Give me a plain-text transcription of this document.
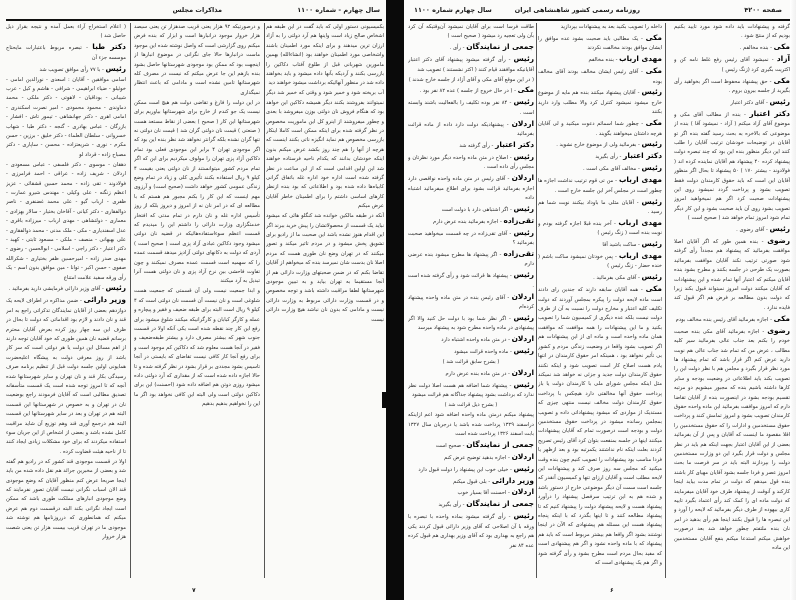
سال چهارم - شماره ۱۱۰۰
مذاکرات مجلس

بکمیسیونی دستور اولی که باید گفت در این طبقه هم اشخاص صالح زیاد است واینها هم آرد دولتی را به آزاد ارزان ترین میدهند و برای اینکه مورد اطمینان باشند واشخاصی مورد اطمینان خواهند بود (انشاءالله) بهمین مامورین شهربانی قبل از طلوع آفتاب دکاکین را بازرسی بکنند و آردیکه بآنها داده میشود و باید بخواهند داده شد در منظور آنهائیکه برداشت میشود خواهند دید

آب بریخته شود و خمیر شود و وقتی که خمیر شد دیگر نمیتوانند بفروشند بکنند دیگر همیشه دکاکین این خواهد بود که هنگام فروش نان دولتی بوزن میفروشد با بعدی و چطور میفروشند از اینرو کل این ماموریت مخصوص در نظر گرفته شده برای اینکه ممکن است کاملا اینکار بازرسی مخصوص هم نماید انگیزه ناتی بکنند اینست که هرچه از آنها را هم چند روز بکشد عرض میکنم بدون اینکه خودشان بدانند که یکدام ناحیه فرستاده خواهند شد این اولین اقدامی است که از این ساعت در نظر گرفته شده است اداره خود اداره غله باتفاق گرانی کابیاه‌ها داده شده بود و اطلاعاتی که بود بنده ازنظر کارهای اساسی داشتم را برای اطمینان خاطر آقایان عرض میکنم

آنکه در طبقه مالکین خوانده شد کنگلو هائی که میشود نباید یک قسمت از محصولاتشان را پیش خرید ببرند اگر این اقدام هنوز نشده باشد این صحبت ما از رادیو برای تشویق پخش میشود و در مردم تاثیر میکند و تصور میکنند که در تهران وضع نان طوری هست که مردم اصلا نان بدست شان نمیرسد بنده که میخواهم از آقایان تقاضا بکنم که در ضمن صحبتهای وزارت دارائی هم از آنجا مستقیما به تهران بیاید و به تبیین موجودی شهرستانها لطفا مراقبت داشته باشد و توجه مخصوص و در قسمت وزارت دارائی مربوط به وزارت دارائی نیست و مادامی که بدون نان نباشد هیچ وزارت دارائی نیست

و درصورتیکه ۹۲ هزار یعنی قریب صدهزار تن یعنی سیصد هزار خروار موجود درانبارها است و ابزار که بنده فرض میکنم روی گزارشی است که واصل نوشته شده این موجود ماست درانبارها حالا جای نگرانی در موضوع انبارها از اینجهت بود که ممکن بود موجودی شهرستانها حاصل بشود بنده بازهم این جا عرض میکنم که نیست در مصرف کله شهرستانها تامین نشده است و مادامی که باعث انتظار نمیگذاری

در این دولت را فارغ و تقاضی دولت هم هیچ است ممکن نیست یک جو کندم از خارج برای شهرستانها بیاوریم برای شهرستانها این کار ( صحیح ) بعضی از نقاط مستعد هست ( صنعتی ) قیمت نان دولتی گران شد ) قیمت نان دولتی نه تنها گران نشده بلکه گرانتر نخواهد شد نظر بنده این بود که اگر موجودی تهران ۴ برابر این موجودی فعلی بود تمام دکاکین آزاد پزی تهران را مولوف میکردیم برای این که اگر تمام مردم کشور میتوانستند از نان دولتی یعنی بقیمت ۴ کیلو ۹ ریال استفاده بکنند تأثیری کلی و زیاد در تمام وضع زندگی عمومی کشور خواهد داشت (صحیح است) و آرزوی مهم اینست که این کار را بکنم مجبور هم هستم که با مطالعه ای که در امر نان نه از امروز و دیروز بلکه از روز تأسیس اداره غله و نان دارم در تمام مدتی که افتخار خدمتگزاری وزارت دارائی را داشتم این را میدیدم که قسمت اعظم سوءاستفاده‌هائیکه در قضیه نان دولتی میشود وجود دکاکین عبادی آزاد پزی است ( صحیح است ) آردی که دولت به دکانهای دولتی آزادپز میدهد قسمت عمده را که سهمیه است قسمت عمده مصرف نمیکنند و چون تفاوت فاحشی بین نرخ آزاد پزی و نان دولتی هست آنرا تبدیل به آرد میکنند

و ابدا جمعیت نیست ولی آن قسمتی که جمعیت هست شلوغی است و نان نیست آن قسمت نان دولتی است که ۴ کیلو ۹ ریال است البته برای طبقه ضعیف و فقیر و پیچاره و عمله و کارگر کبابان و کارگرانیکه میکنند شلوغ میشود برای رفع این کار چند نقطه شده است یکی آنکه اولا در قسمت جنوب شهر که بیشتر مصرف دارد و بیشتر طبقه‌ضعیف و فقیر در آنجا هست معلوم شد که دکاکین کم موجود است و برای رفع آنجا کار کافی نیست تقاضای که بایستی در آنجا تاسیس بشود مجددی بر قرار بشود در نظر گرفته شده و تا حالا اجازه داده شده است که از مقداری که آرد دولتی داده میشود روزی دوتن هم اضافه داده شود (احسنت) این برای دکاکین دولتی است ولی البته این کافی نخواهد بود اگر ما این را نخواهیم بدهیم بدهیم

( اعلام استخراج آراء بعمل آمده و نتیجه بقرار ذیل حاصل شد )

دکتر طبا - تبصره مربوط باعتبارات مایحتاج موسسه جزء آن

رئیس - با ۷۷ رأی موافق تصویب شد

اسامی موافقین - آقایان : اسعدی - نورالدین امامی - خوئیلو - ضیاء ابراهیمی - شرافی - هاشم و کیل - عرب شیبانی - بوداقیان - لاهوتی - دکتر ملکی - محمد دماوندی - محمود محمودی - امیر نصرت اسکندری - امامی اهری - دکتر جهانشاهی - تیمور تاش - افشار - بازرگان - عباس بهادری - گنجه - دکتر طبا - شهاب خسروانی - سلطان العلماء - دکتر خلیق - برزین - حسن مکرم - نوری - شریعتزاده - محسن - ساپاری - دکتر مصباح زاده - قرداد لو

دهقان - موسوی - دکتر فلسفی - عباس مسعودی - اردلان - شریف زاده - عراقی - احمد فرامرزی - فولادوند - تقی زاده - محمد حسین قشقائی - عزیز اعظم زنگنه - علی وکیلی - مهندس شیرو عمارت - ظفری - ارباب گیو - علی محمد غضنفری - ناصر ذوالفقاری - دکتر کیانی - آقاخان بختیار - سالار بهزادی - معماری - دولتشاهی - مهدی ارباب - میرزاده باقری - عدل اسفندیاری - مکی - ملک مدنی - محمد ذوالفقاری - علی بهبهانی - منصف - ملکی - مسعود ثابتی - کهبد - دکتر اعتبار - دکتر راجی - اسلامی - ابوالحسن - رضوی - مهدی صدر زاده - امیرحسین ظفر بختیاری - شکرالله صفوی - حسن اکبر - توانا - مین موافق بدون اسم - یک رأی ورقه سفید علامت امتناع

رئیس - آقای وزیر دارائی فرمایشی دارید بفرمائید .

وزیر دارائی - ضمن مذاکره در اطراف لایحه یک دوازدهم بعضی از آقایان نمایندگان تذکراتی راجع به امر قند و نان دادند و لازم بود اقداماتی که دولت تا بحال در ظرف این سه چهار روز کرده بعرض آقایان محترم برسانم قضیه نان همین طوری که خود آقایان توجه دارند از اهم مسائل این دولت یا هر دولتی است که سر کار باشد از روز معرفی دولت به پیشگاه اعلیحضرت همایونی اولین جلسه دولت قبل از تنظیم برنامه صرف رسیدگی بکار قند و نان تهران و سایر شهرستانها شده آنچه که تا امروز توجه شده است یک قسمت متأسفانه تصدیق مطالبی است که آقایان فرمودند راجع بوضعیت نان در تهران و به خصوص در شهرستانها این قسمت البته هم در تهران و بعد در سایر شهرستانها این قسمت البته هم درجمع آوری قند وهم توزیع آن شاید مراقبت کامل نشده باشد و بعضی از اشخاص از این جریان سوء استفاده میکردند که برای خود مشکلات زیادی ایجاد کنند تا از ناحیه هیئت قضاوت کرده .

اولا در قسمت موجودی قند کشور که در رادیو هم گفته شد و بعضی از مخبرین جرائد هم نقل داده شده من باید اینجا صریحا عرض کنم منظور آقایان که وضع موجودی قند الان اسباب نگرانی نیست آقایان تصور نفرمایند که وضع موجودی انبارهای مملکت طوری باشد که ممکن است ایجاد نگرانی بکند البته درقسمت دوم هم عرض میکنم که همانطوری که درروزنامها هم نوشته شد موجودی ما در تهران قریب بیست هزار تن یعنی شصت هزار خروار

۷
صفحه ۴۲۰۰
روزنامه رسمی کشور شاهنشاهی ایران
سال چهارم شماره ۱۱۰۰

گرفته و پیشنهادات باید داده شود مورد تایید بکنیم بودیم که از منتج شود .

مکی - بنده مخالفم .

آزاد - نمیشود آقای رئیس رفع غلط نامه کن و اکثریت بگیری کرد (زنگ رئیس )

مکی - حق پیشنهاد محفوظ است اگر بخواهید رأی بگیرید از جلسه بیرون بروم .

رئیس - آقای دکتر اعتبار

دکتر اعتبار - بنده از مطالب آقای مکی و موضوع آقای آزاد میکنم ( آزاد - نمیشود آقا ) بنده از موضوعی که بالاخره به بحث رسید گفته بنده اگر تو آقایان در توضیحات خودشان ترتیب آقایان را طلب کنند این دیگر منظور بنده این بود که چند تبصره دولت پیشنهاد کرده ۴۰ پیشنهاد هم آقایان نماینده کرده اند ( فولادوند - بیشتر ۱۷۰ ) ۵۰ پیشنهاد تا بحال اگر منظور آقایان این است که باید حقوق کارمندان دولت فقط تصویب بشود و پرداخت گردد نمیشود روی این پیشنهادات صحبت کرد اگر هم نمیخواهید امروز تصویب بشود روی آن باید صحبت بشود و این کار دیگر تمام شود امروز تمام خواهد شد ( صحیح است )

رئیس - آقای رضوی .

رضوی - بنده همین طور که اگر آقایان اصلا موافقت بفرمائید که پیشنهاد هم مجدداً رأی گرفته شود صورتی ترتیب نکند آقایان موافقت بفرمائید بصورت یک طرحی در جلسه بکنند و مطرح بشود بنده آقایان میکنم که اعتبار آنها تمام شده و این پیشنهادات که آقایان میکنند دولت امروز نمیتواند قبول بکند زیرا که دولت بدون مطالعه بر فرض هم اگر قبول کند فایده ندارد .

مکی - اجازه بفرمائید آقای رئیس بنده مخالف بودم

رضوی - اجازه بفرمائید آقای مکی بنده صحبت خودم را بکنم بعد جناب عالی بفرمائید سیر کلیه مطالب ، عرض من که تمام شد جناب عالی هم نوبت دارید عرض کنم اگر قرار باشد که تمام پیشنهاد ها مورد نظر قرار بگیرد و مجلس هم با نظر دولت این را تصویب بکند باید اطلاعاتی در وضعیت بودجه و سایر کارها داشته باشیم بنده که مجبور میشویم دو مرتبه تقسیم بودجه بشود در اینصورت بنده از آقایان تقاضا دارم که امروز موافقت بفرمائید این ماده واحده حقوق کارمندان تصویب بشود و امروز تمامش کنند و پرداخت حقوق مستخدمین و ادارات را که حقوق مستخدمین را اقلا مقصود ما اینست که آقایان و پس از آن بفرمائید بعضی از این آقایان اعتبار بجهت اینکه هم باید در نظر مجلس و دولت قرار بگیرد این دو وزارت مستخدمین دولت را بپردازند البته باید در سر فرصت ما بحث امروز عصر و فردا جلسه بشود آقایان مهیای کار باشند بنده قول میدهم که دولت در تمام مدت بیاید اینجا کارکند و آنوقت از پیشنهاد طرف خود آقایان میفرمایند که دولت ماده ای را کمک کند رأی اعتماد بگیرد تاییه کاری بیهوده از طرف دیگر بفرمائید که لایحه را آورد و این تبصره ها را قبول بکنند اینجا هم رأی بدهید در امر نان بنده ملتفتم چطور خواهد شد بعد درصورت خواهش میکنم استدعا میکنم بنفع آقایان مستخدمین این ماده

داخله را تصویب بکنید بعد به پیشنهادات بپردازید

مکی - یک مطالبی باید صحبت بشود عده موافق را ایشان موافق بودند مخالفت نکردند

مهدی ارباب - بنده مخالفم

مکی - آقای رئیس ایشان مخالف بودند آقای مخالف بوده

رئیس - آقایان پیشنهاد میکنند بنده هم مایه از موضوع خارج میشود نمیشود کنترل کرد والا مطلب وارد دارید بکنند

مکی - چطور شما اسمائم دعوت میکنید و لی آقایان هرچه داشتان میخواهند بگویند .

رئیس - بفرمائید ولی از موضوع خارج نشوید .

دکتر اعتبار - رأی بگیرید

رئیس - مخالف آقای مکی است .

مهدی ارباب - من تی قوم ترتیب نداشت اجازه ها چطور است در مجلس آخر این جلسه خارج است .

رئیس - آقایان مثلی ما باوداد بیکنند نوبت شما هم رسید .

مهدی ارباب - آخر بنده قبلا اجازه گرفته بودم و نوبت بنده است ( زنگ رئیس )

رئیس - ساکت باشید آقا

مهدی ارباب - پس خودتان نمیشود ساکت باشم ( خنده حضار - زنگ رئیس )

رئیس - آقای مکی بفرمائید .

مکی - همه آقایان سابقه دارند که جندین رای دادند است ماده لایحه دولت را پیکره بمجلس آوردند که دولت تکلیف کلیه اعتبار و مخارج دولت را نسبت به آن از طرف دولت نیست بلکه عده دیگری از کمیسیون شما را تصویب بکنید و ما این پیشنهادات را همه موافقت که موافقت همان ماده واحده است و ماده ای از این پیشنهادات هم اگر تصویب بشود واقعا در وضعیت زندگی مردم و کشور بی تأثیر نخواهد بود ، همینکه امر حقوق کارمندان در انتها یادم هست اصلاح کار است تصویب شود و اینکه نکنند حقوق کارمندان دولت جدید و جزئی نه خواهد شد نمیکند مثل اینکه مجلس شورای ملی با کارمندان دولت یا باز پرداخت حقوق آنها مخالفتی دارد هیچکس با پرداخت حقوق کارمندان دولت مخالف نیست منتهی چیزی که مستدیک از مواردی که میشود پیشنهاداتی داده و تصویب بمجلس رسانده میشود در پرداخت حقوق مستخدمین دولت و بودجه است درصورت تمام که آقایان پیشنهادات میکنند اینها در جلسه بمنفعت بتوان کرد آقای رئیس تصریح کردند بعلت اینکه نام نداشتند یکمرتبه بود و بعد ازظهر یا فردا مناسب بود پیشنهادات را تصویب کنیم چون بنده وقت میکنید که مجلس سه روز صرف کند و پیشنهادات این لایحه مطلب است و آقایان ارزای تنها و کمیسیون آنقدر که جلسه است سمت آن دیگر موضوعی خارج از دستور باشد و شده هم به این ترتیب سرفصل پیشنهاد را درآورد پیشنهاد هست و لایحه پیشنهاد دولت را پیشنهاد کنیم که تا پیشنهاد مطالعه کنند و تا اینها بگذرد که با اینکه پنجاه پیشنهاد هست این مسئله هم پیشنهادی که الآن در اینجا نوشتند بشود اگر واقعا هم بیشتر مربوط است که باید هم پیشنهاد که با ماده واحده نشود و اگر هم پیشنهادی است که مفید بحال مردم است مطرح بشود و رأی گرفته شود و اگر هم یک پیشنهادی است که

طاقت فرسا است برای آقایان نمیشود آن‌وقتیکه آن کرد بآن ولی تعجیه رد میشود ( صحیح است )

جمعی از نمایندگان - رأی .

رئیس - رأی گرفته میشود پیشنهاد آقای دکتر اعتبار آقایانیکه موافقند قیام کنند ( اکثر نشستند ) تصویب شد

( در این موقع آقای مکی و آقای آزاد از جلسه خارج شدند )

مکی - ( در حال خروج از جلسه ) عده ۸۲ نفر بود .

رئیس - ۸۴ نفر بوده تکلیف را بالفعالیت باشند وابسته است .

اردلان - پیشنهادیکه دولت دارد داده از ماده قرائت بفرمائید

دکتر اعتبار - رأی گرفته شد

رئیس - اصلاح در متن ماده واحده دیگر مورد نظرتان و مجلس رأی داده است .

اردلان - آقای رئیس در متن ماده واحده نواقصی دارد اجازه بفرمائید قرائت بشود برای اطلاع میفرمائید اشتباه داده

رئیس - اگر اشتباهی دارد با دولت است

تقی‌زاده - اجازه بفرمائید بنده عرض دارم

رئیس - آقای تقی‌زاده در چه قسمت میخواهید صحبت بفرمائید ؟

تقی‌زاده - اگر پیشنهاد ها مطرح میشود بنده عرضی دارم

رئیس - پیشنهاد ها قرائت شود و رأی گرفته شده است .

اردلان - آقای رئیس بنده در متن ماده واحده پیشنهاد کرده‌ام

رئیس - اگر نظر شما بود با دولت حل کنید والا اگر پیشنهادی در ماده واحده مطرح شود به پیشنهاد میرسد

اردلان - در متن ماده واحده اشتباه دارد

رئیس - ماده واحده قرائت میشود

( بشرح سابق قرائت شد )

اردلان - در متن ماده بنده عرض دارم

رئیس - پیشنهاد شما اضافه هم هست اصلا دولت نظر ندارد که برداشت بشود پیشنهاد جداگانه هم قرائت میشود

( بشرح ذیل قرائت شد )

پیشنهاد میکنم درمتن ماده واحده اضافه شود اعم ازاینکه دراسفند ۱۳۲۹ پرداخت شده باشد یا درجریان سال ۱۳۲۷ بابت اسفند ۱۳۲۶ پرداخت شده است

جمعی از نمایندگان - صحیح است

اردلان - اجازه بدهید توضیح عرض کنم

رئیس - خیلی خوب این پیشنهاد را دولت قبول دارد

وزیر دارائی - بلی قبول میکنم

اردلان - احسنت آقا بسیار خوب

جمعی از نمایندگان - رأی بگیرید

رئیس - رأی گرفته میشود بماده واحده با تبصره با ورقه با آن اصلاحی که آقای وزیر دارائی قبول کردند یکی هم راجع به بهداری بود که آقای وزیر بهداری هم قبول کرده عده ۸۴ نفر

۶
